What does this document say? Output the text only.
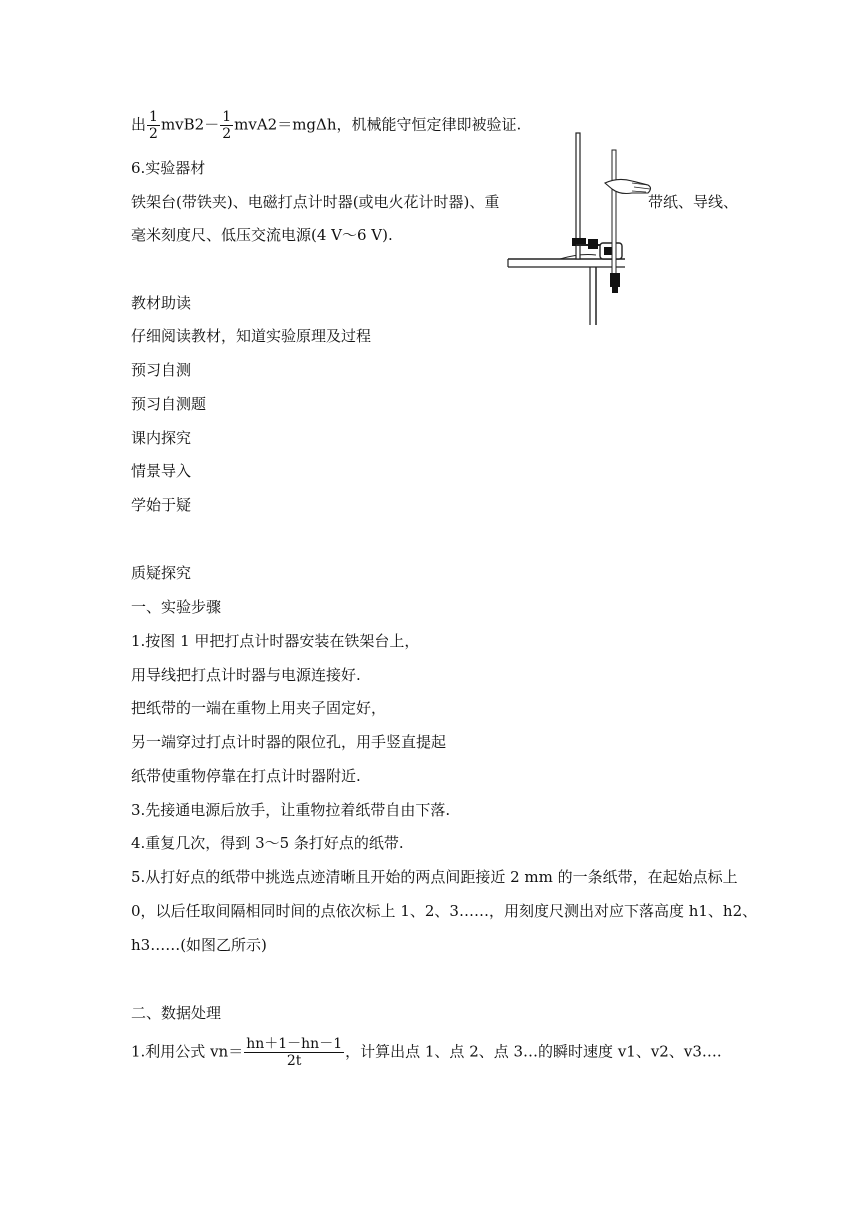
出 $\frac{1}{2} mvB2- \frac{1}{2} mvA2=mg\Delta h$，机械能守恒定律即被验证.
6.实验器材
铁架台(带铁夹)、电磁打点计时器(或电火花计时器)、重	带纸、导线、
毫米刻度尺、低压交流电源(4 V～6 V).
教材助读
仔细阅读教材，知道实验原理及过程
预习自测
预习自测题
课内探究
情景导入
学始于疑
质疑探究
一、实验步骤
1.按图 1 甲把打点计时器安装在铁架台上，
用导线把打点计时器与电源连接好.
把纸带的一端在重物上用夹子固定好，
另一端穿过打点计时器的限位孔，用手竖直提起
纸带使重物停靠在打点计时器附近.
3.先接通电源后放手，让重物拉着纸带自由下落.
4.重复几次，得到 3～5 条打好点的纸带.
5.从打好点的纸带中挑选点迹清晰且开始的两点间距接近 2 mm 的一条纸带，在起始点标上
0，以后任取间隔相同时间的点依次标上 1、2、3……，用刻度尺测出对应下落高度 h1、h2、
h3……(如图乙所示)
二、数据处理
1.利用公式 $vn= \frac{hn+1-hn-1}{2t}$ ，计算出点 1、点 2、点 3…的瞬时速度 v1、v2、v3….
